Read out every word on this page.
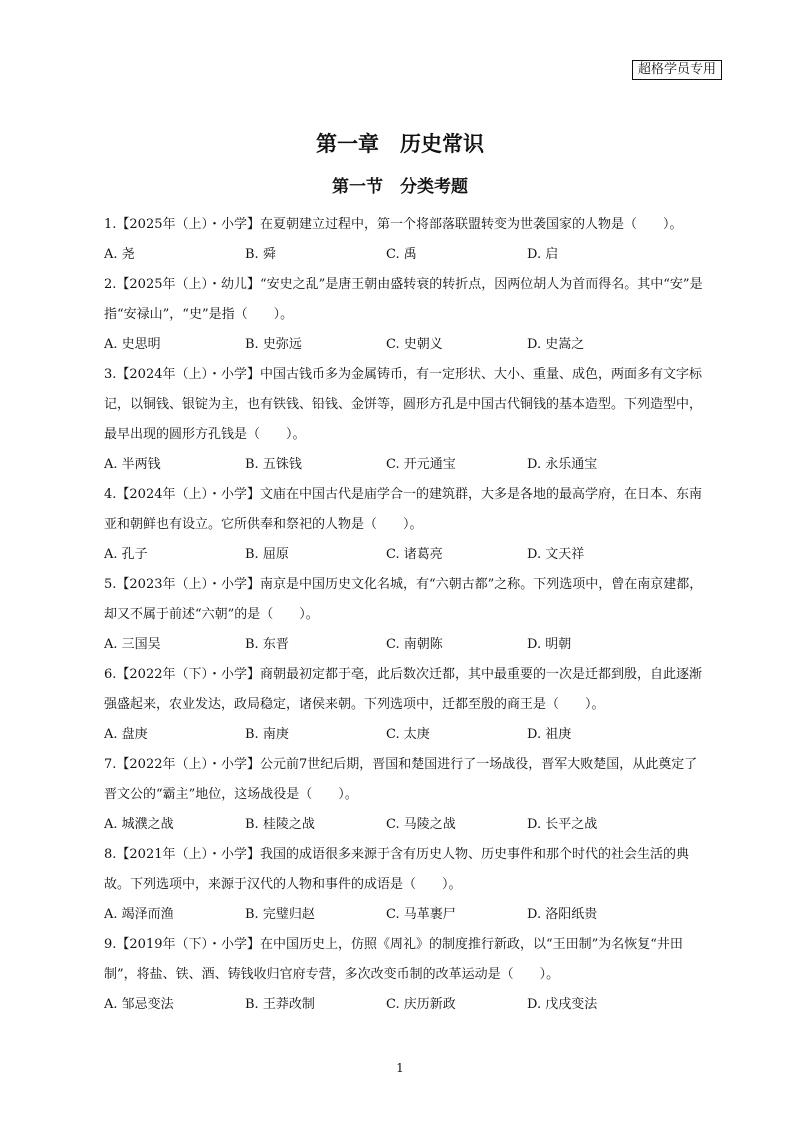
超格学员专用
第一章　历史常识
第一节　分类考题

1.【2025年（上）・小学】在夏朝建立过程中，第一个将部落联盟转变为世袭国家的人物是（　　）。

A. 尧	B. 舜	C. 禹	D. 启

2.【2025年（上）・幼儿】“安史之乱”是唐王朝由盛转衰的转折点，因两位胡人为首而得名。其中“安”是指“安禄山”，“史”是指（　　）。

A. 史思明	B. 史弥远	C. 史朝义	D. 史嵩之

3.【2024年（上）・小学】中国古钱币多为金属铸币，有一定形状、大小、重量、成色，两面多有文字标记，以铜钱、银锭为主，也有铁钱、铅钱、金饼等，圆形方孔是中国古代铜钱的基本造型。下列造型中，最早出现的圆形方孔钱是（　　）。

A. 半两钱	B. 五铢钱	C. 开元通宝	D. 永乐通宝

4.【2024年（上）・小学】文庙在中国古代是庙学合一的建筑群，大多是各地的最高学府，在日本、东南亚和朝鲜也有设立。它所供奉和祭祀的人物是（　　）。

A. 孔子	B. 屈原	C. 诸葛亮	D. 文天祥

5.【2023年（上）・小学】南京是中国历史文化名城，有“六朝古都”之称。下列选项中，曾在南京建都，却又不属于前述“六朝”的是（　　）。

A. 三国吴	B. 东晋	C. 南朝陈	D. 明朝

6.【2022年（下）・小学】商朝最初定都于亳，此后数次迁都，其中最重要的一次是迁都到殷，自此逐渐强盛起来，农业发达，政局稳定，诸侯来朝。下列选项中，迁都至殷的商王是（　　）。

A. 盘庚	B. 南庚	C. 太庚	D. 祖庚

7.【2022年（上）・小学】公元前7世纪后期，晋国和楚国进行了一场战役，晋军大败楚国，从此奠定了晋文公的“霸主”地位，这场战役是（　　）。

A. 城濮之战	B. 桂陵之战	C. 马陵之战	D. 长平之战

8.【2021年（上）・小学】我国的成语很多来源于含有历史人物、历史事件和那个时代的社会生活的典故。下列选项中，来源于汉代的人物和事件的成语是（　　）。

A. 竭泽而渔	B. 完璧归赵	C. 马革裹尸	D. 洛阳纸贵

9.【2019年（下）・小学】在中国历史上，仿照《周礼》的制度推行新政，以“王田制”为名恢复“井田制”，将盐、铁、酒、铸钱收归官府专营，多次改变币制的改革运动是（　　）。

A. 邹忌变法	B. 王莽改制	C. 庆历新政	D. 戊戌变法
1
